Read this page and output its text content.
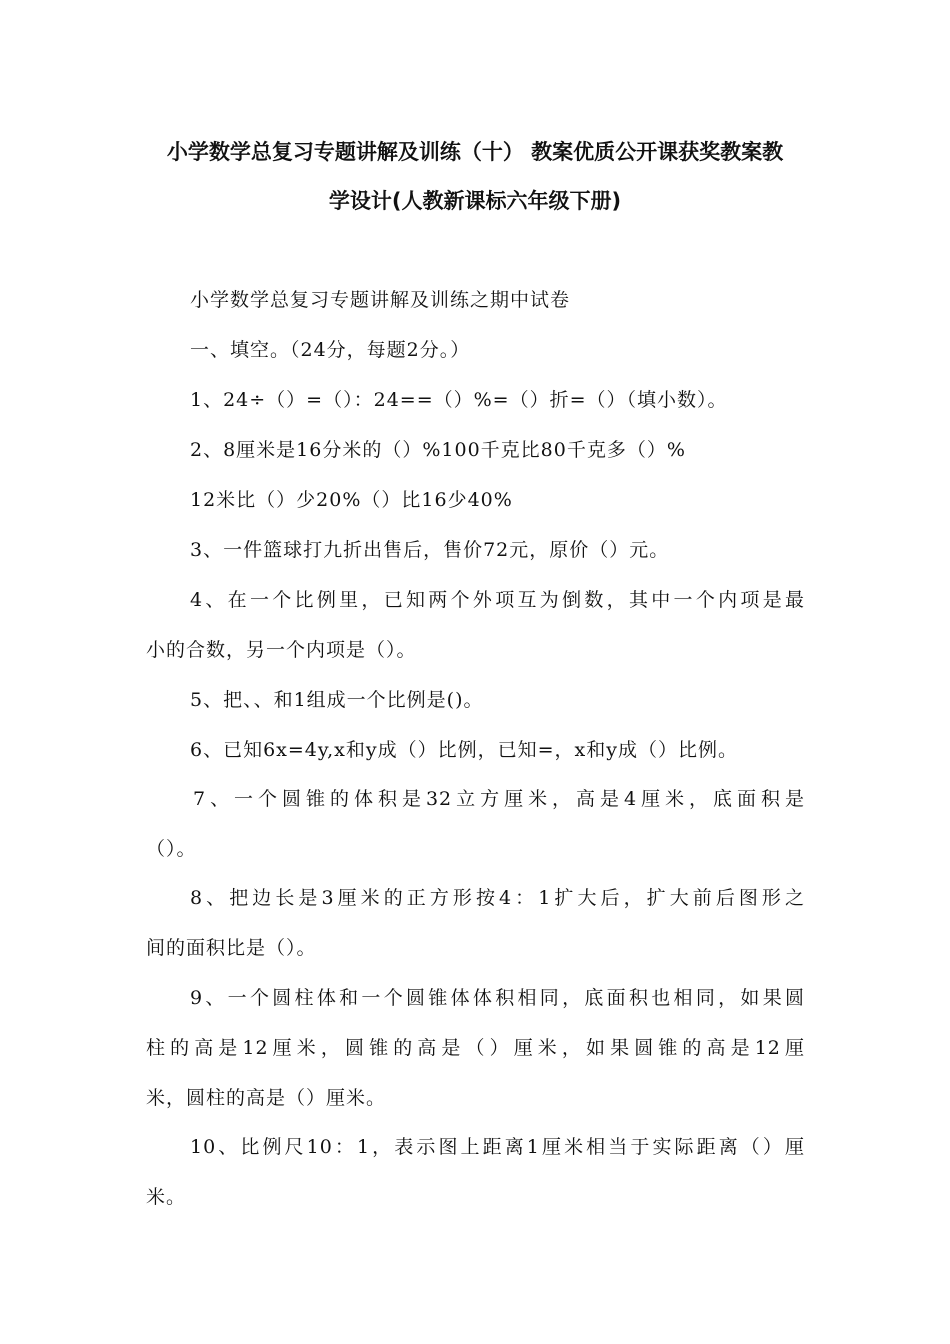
小学数学总复习专题讲解及训练（十） 教案优质公开课获奖教案教
学设计(人教新课标六年级下册)
小学数学总复习专题讲解及训练之期中试卷
一、填空。（24分，每题2分。）
1、24÷（）=（）：24==（）%=（）折=（）（填小数）。
2、8厘米是16分米的（）%100千克比80千克多（）%
12米比（）少20%（）比16少40%
3、一件篮球打九折出售后，售价72元，原价（）元。
4、在一个比例里，已知两个外项互为倒数，其中一个内项是最
小的合数，另一个内项是（）。
5、把、、和1组成一个比例是()。
6、已知6x=4y,x和y成（）比例，已知=，x和y成（）比例。
7、一个圆锥的体积是32立方厘米，高是4厘米，底面积是
（）。
8、把边长是3厘米的正方形按4：1扩大后，扩大前后图形之
间的面积比是（）。
9、一个圆柱体和一个圆锥体体积相同，底面积也相同，如果圆
柱的高是12厘米，圆锥的高是（）厘米，如果圆锥的高是12厘
米，圆柱的高是（）厘米。
10、比例尺10：1，表示图上距离1厘米相当于实际距离（）厘
米。
